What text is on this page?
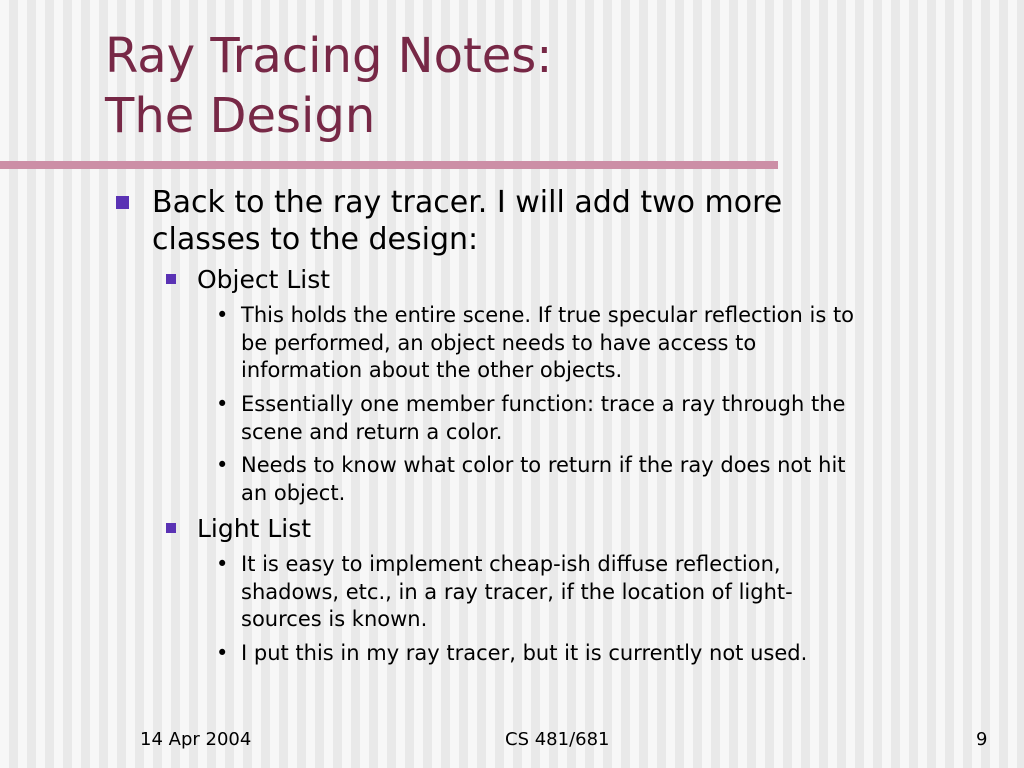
Ray Tracing Notes:
The Design
Back to the ray tracer. I will add two more
classes to the design:
Object List
• This holds the entire scene. If true specular reflection is to
be performed, an object needs to have access to
information about the other objects.
• Essentially one member function: trace a ray through the
scene and return a color.
• Needs to know what color to return if the ray does not hit
an object.
Light List
• It is easy to implement cheap-ish diffuse reflection,
shadows, etc., in a ray tracer, if the location of light-
sources is known.
• I put this in my ray tracer, but it is currently not used.
14 Apr 2004	CS 481/681	9
